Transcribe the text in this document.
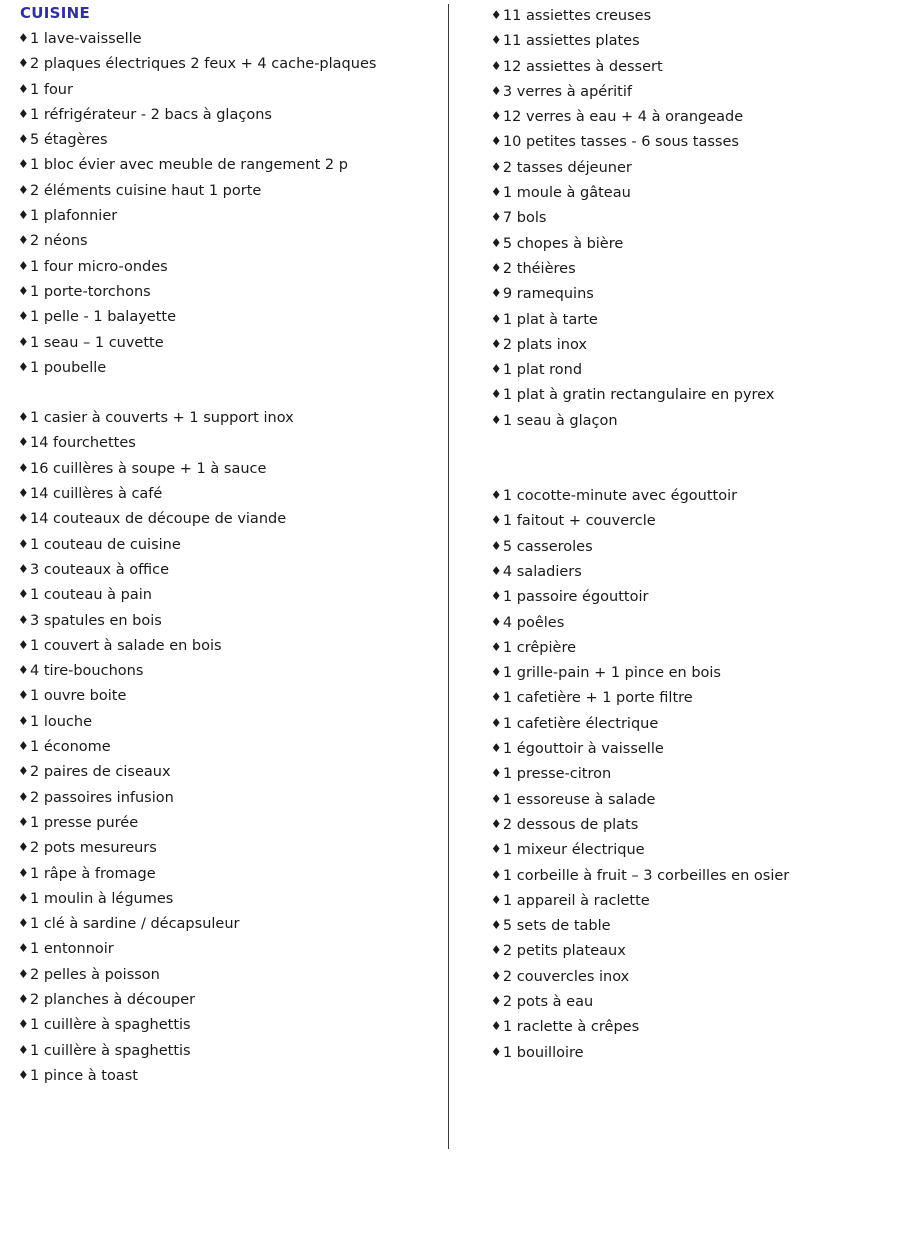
CUISINE
♦ 1 lave-vaisselle
♦ 2 plaques électriques 2 feux + 4 cache-plaques
♦ 1 four
♦ 1 réfrigérateur - 2 bacs à glaçons
♦ 5 étagères
♦ 1 bloc évier avec meuble de rangement 2 p
♦ 2 éléments cuisine haut 1 porte
♦ 1 plafonnier
♦ 2 néons
♦ 1 four micro-ondes
♦ 1 porte-torchons
♦ 1 pelle - 1 balayette
♦ 1 seau – 1 cuvette
♦ 1 poubelle
♦ 1 casier à couverts + 1 support inox
♦ 14 fourchettes
♦ 16 cuillères à soupe + 1 à sauce
♦ 14 cuillères à café
♦ 14 couteaux de découpe de viande
♦ 1 couteau de cuisine
♦ 3 couteaux à office
♦ 1 couteau à pain
♦ 3 spatules en bois
♦ 1 couvert à salade en bois
♦ 4 tire-bouchons
♦ 1 ouvre boite
♦ 1 louche
♦ 1 économe
♦ 2 paires de ciseaux
♦ 2 passoires infusion
♦ 1 presse purée
♦ 2 pots mesureurs
♦ 1 râpe à fromage
♦ 1 moulin à légumes
♦ 1 clé à sardine / décapsuleur
♦ 1 entonnoir
♦ 2 pelles à poisson
♦ 2 planches à découper
♦ 1 cuillère à spaghettis
♦ 1 cuillère à spaghettis
♦ 1 pince à toast
♦ 11 assiettes creuses
♦ 11 assiettes plates
♦ 12 assiettes à dessert
♦ 3 verres à apéritif
♦ 12 verres à eau + 4 à orangeade
♦ 10 petites tasses - 6 sous tasses
♦ 2 tasses déjeuner
♦ 1 moule à gâteau
♦ 7 bols
♦ 5 chopes à bière
♦ 2 théières
♦ 9 ramequins
♦ 1 plat à tarte
♦ 2 plats inox
♦ 1 plat rond
♦ 1 plat à gratin rectangulaire en pyrex
♦ 1 seau à glaçon
♦ 1 cocotte-minute avec égouttoir
♦ 1 faitout + couvercle
♦ 5 casseroles
♦ 4 saladiers
♦ 1 passoire égouttoir
♦ 4 poêles
♦ 1 crêpière
♦ 1 grille-pain + 1 pince en bois
♦ 1 cafetière + 1 porte filtre
♦ 1 cafetière électrique
♦ 1 égouttoir à vaisselle
♦ 1 presse-citron
♦ 1 essoreuse à salade
♦ 2 dessous de plats
♦ 1 mixeur électrique
♦ 1 corbeille à fruit – 3 corbeilles en osier
♦ 1 appareil à raclette
♦ 5 sets de table
♦ 2 petits plateaux
♦ 2 couvercles inox
♦ 2 pots à eau
♦ 1 raclette à crêpes
♦ 1 bouilloire
